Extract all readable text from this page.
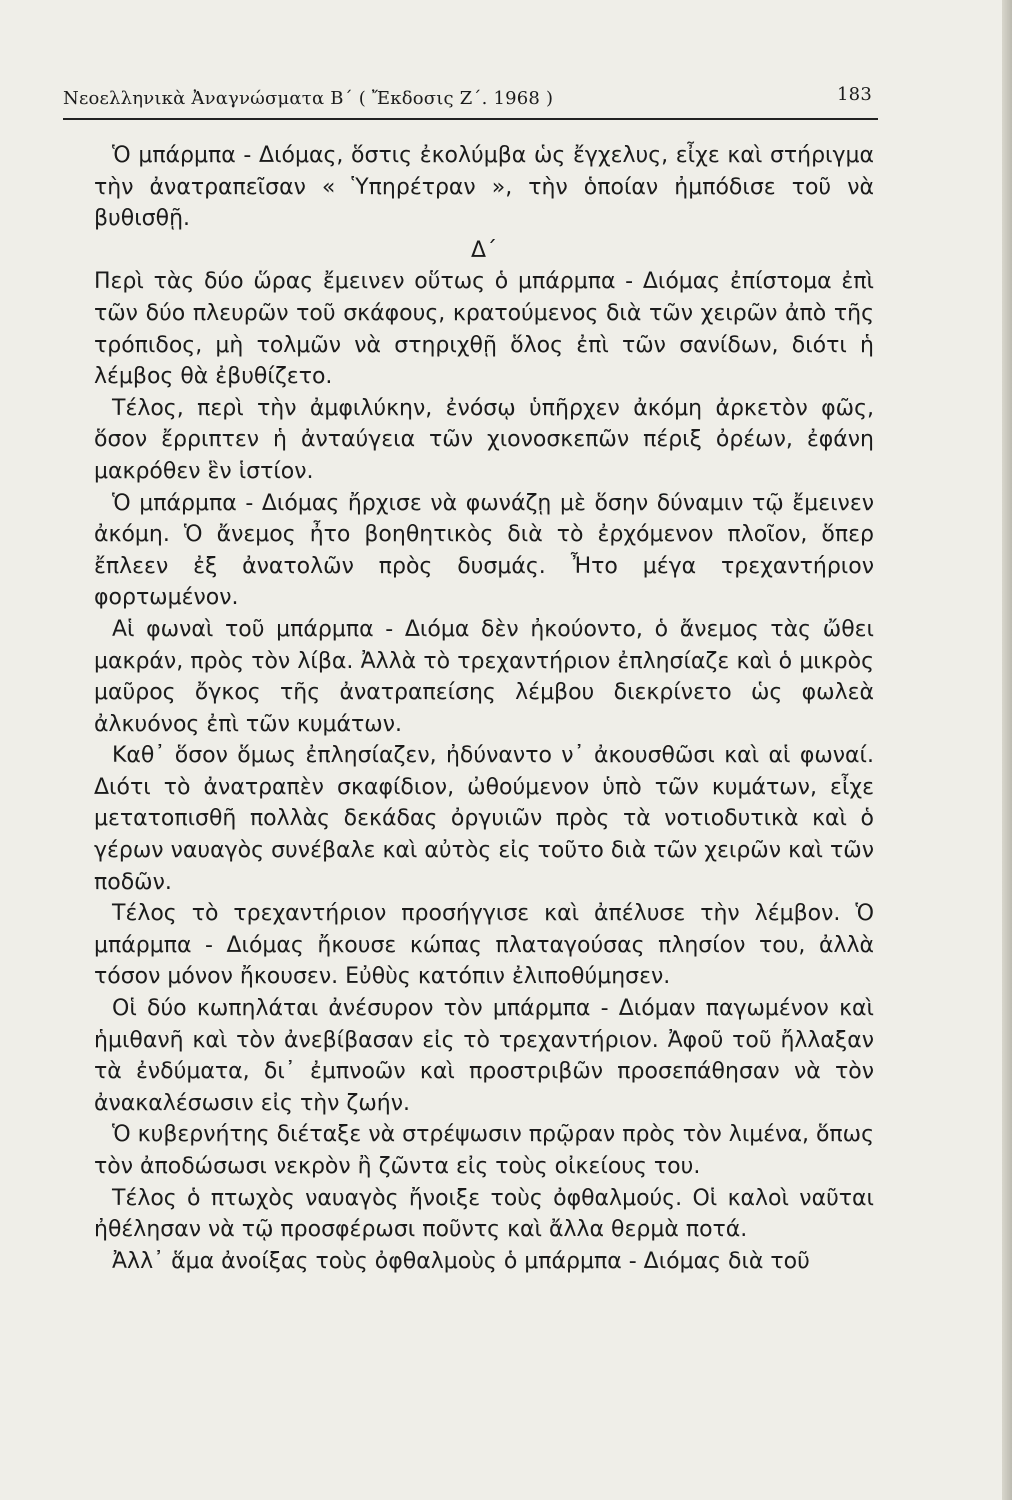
Νεοελληνικὰ Ἀναγνώσματα Β΄ ( Ἔκδοσις Ζ΄. 1968 )	183

Ὁ μπάρμπα - Διόμας, ὅστις ἐκολύμβα ὡς ἔγχελυς, εἶχε καὶ στήριγμα τὴν ἀνατραπεῖσαν « Ὑπηρέτραν », τὴν ὁποίαν ἠμπόδισε τοῦ νὰ βυθισθῇ.

Δ΄

Περὶ τὰς δύο ὥρας ἔμεινεν οὕτως ὁ μπάρμπα - Διόμας ἐπίστομα ἐπὶ τῶν δύο πλευρῶν τοῦ σκάφους, κρατούμενος διὰ τῶν χειρῶν ἀπὸ τῆς τρόπιδος, μὴ τολμῶν νὰ στηριχθῇ ὅλος ἐπὶ τῶν σανίδων, διότι ἡ λέμβος θὰ ἐβυθίζετο.

Τέλος, περὶ τὴν ἀμφιλύκην, ἐνόσῳ ὑπῆρχεν ἀκόμη ἀρκετὸν φῶς, ὅσον ἔρριπτεν ἡ ἀνταύγεια τῶν χιονοσκεπῶν πέριξ ὀρέων, ἐφάνη μακρόθεν ἓν ἱστίον.

Ὁ μπάρμπα - Διόμας ἤρχισε νὰ φωνάζῃ μὲ ὅσην δύναμιν τῷ ἔμεινεν ἀκόμη. Ὁ ἄνεμος ἦτο βοηθητικὸς διὰ τὸ ἐρχόμενον πλοῖον, ὅπερ ἔπλεεν ἐξ ἀνατολῶν πρὸς δυσμάς. Ἦτο μέγα τρεχαντήριον φορτωμένον.

Αἱ φωναὶ τοῦ μπάρμπα - Διόμα δὲν ἠκούοντο, ὁ ἄνεμος τὰς ὤθει μακράν, πρὸς τὸν λίβα. Ἀλλὰ τὸ τρεχαντήριον ἐπλησίαζε καὶ ὁ μικρὸς μαῦρος ὄγκος τῆς ἀνατραπείσης λέμβου διεκρίνετο ὡς φωλεὰ ἀλκυόνος ἐπὶ τῶν κυμάτων.

Καθ᾽ ὅσον ὅμως ἐπλησίαζεν, ἠδύναντο ν᾽ ἀκουσθῶσι καὶ αἱ φωναί. Διότι τὸ ἀνατραπὲν σκαφίδιον, ὠθούμενον ὑπὸ τῶν κυμάτων, εἶχε μετατοπισθῆ πολλὰς δεκάδας ὀργυιῶν πρὸς τὰ νοτιοδυτικὰ καὶ ὁ γέρων ναυαγὸς συνέβαλε καὶ αὐτὸς εἰς τοῦτο διὰ τῶν χειρῶν καὶ τῶν ποδῶν.

Τέλος τὸ τρεχαντήριον προσήγγισε καὶ ἀπέλυσε τὴν λέμβον. Ὁ μπάρμπα - Διόμας ἤκουσε κώπας πλαταγούσας πλησίον του, ἀλλὰ τόσον μόνον ἤκουσεν. Εὐθὺς κατόπιν ἐλιποθύμησεν.

Οἱ δύο κωπηλάται ἀνέσυρον τὸν μπάρμπα - Διόμαν παγωμένον καὶ ἡμιθανῆ καὶ τὸν ἀνεβίβασαν εἰς τὸ τρεχαντήριον. Ἀφοῦ τοῦ ἤλλαξαν τὰ ἐνδύματα, δι᾽ ἐμπνοῶν καὶ προστριβῶν προσεπάθησαν νὰ τὸν ἀνακαλέσωσιν εἰς τὴν ζωήν.

Ὁ κυβερνήτης διέταξε νὰ στρέψωσιν πρῷραν πρὸς τὸν λιμένα, ὅπως τὸν ἀποδώσωσι νεκρὸν ἢ ζῶντα εἰς τοὺς οἰκείους του.

Τέλος ὁ πτωχὸς ναυαγὸς ἤνοιξε τοὺς ὀφθαλμούς. Οἱ καλοὶ ναῦται ἠθέλησαν νὰ τῷ προσφέρωσι ποῦντς καὶ ἄλλα θερμὰ ποτά.

Ἀλλ᾽ ἅμα ἀνοίξας τοὺς ὀφθαλμοὺς ὁ μπάρμπα - Διόμας διὰ τοῦ
